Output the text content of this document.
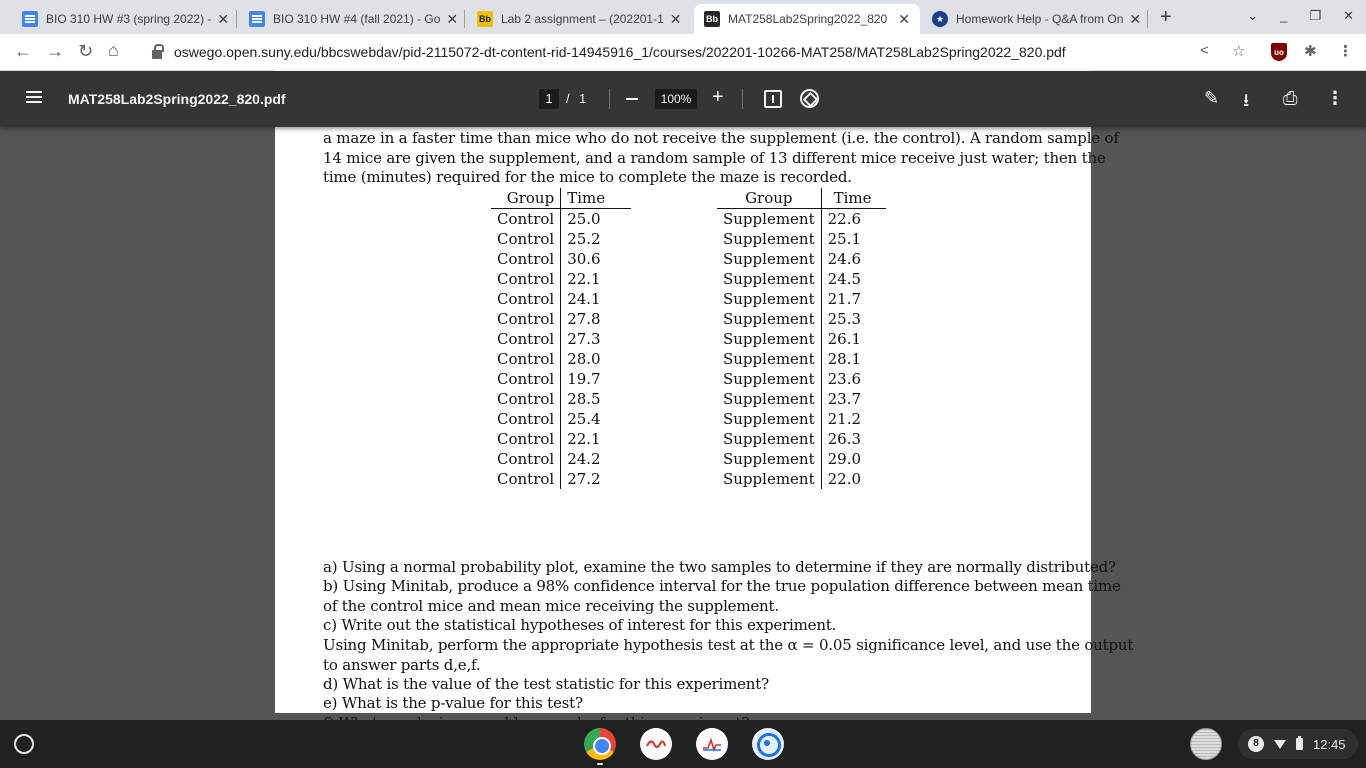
BIO 310 HW #3 (spring 2022) - ✕	BIO 310 HW #4 (fall 2021) - Go ✕ Bb Lab 2 assignment – (202201-1 ✕	Bb MAT258Lab2Spring2022_820 ✕	★ Homework Help - Q&A from On ✕ +	⌄ _ ❐ ✕
← → ↻ ⌂	oswego.open.suny.edu/bbcswebdav/pid-2115072-dt-content-rid-14945916_1/courses/202201-10266-MAT258/MAT258Lab2Spring2022_820.pdf	< ☆	✱ ⋮
uo
MAT258Lab2Spring2022_820.pdf	1	/ 1	100% +	✎ ⭳ ⎙ ⋮
a maze in a faster time than mice who do not receive the supplement (i.e. the control). A random sample of
14 mice are given the supplement, and a random sample of 13 different mice receive just water; then the
time (minutes) required for the mice to complete the maze is recorded.
Group	Time
Control	25.0
Control	25.2
Control	30.6
Control	22.1
Control	24.1
Control	27.8
Control	27.3
Control	28.0
Control	19.7
Control	28.5
Control	25.4
Control	22.1
Control	24.2
Control	27.2
Group	Time
Supplement	22.6
Supplement	25.1
Supplement	24.6
Supplement	24.5
Supplement	21.7
Supplement	25.3
Supplement	26.1
Supplement	28.1
Supplement	23.6
Supplement	23.7
Supplement	21.2
Supplement	26.3
Supplement	29.0
Supplement	22.0
a) Using a normal probability plot, examine the two samples to determine if they are normally distributed?
b) Using Minitab, produce a 98% confidence interval for the true population difference between mean time
of the control mice and mean mice receiving the supplement.
c) Write out the statistical hypotheses of interest for this experiment.
Using Minitab, perform the appropriate hypothesis test at the α = 0.05 significance level, and use the output
to answer parts d,e,f.
d) What is the value of the test statistic for this experiment?
e) What is the p-value for this test?
8	12:45
